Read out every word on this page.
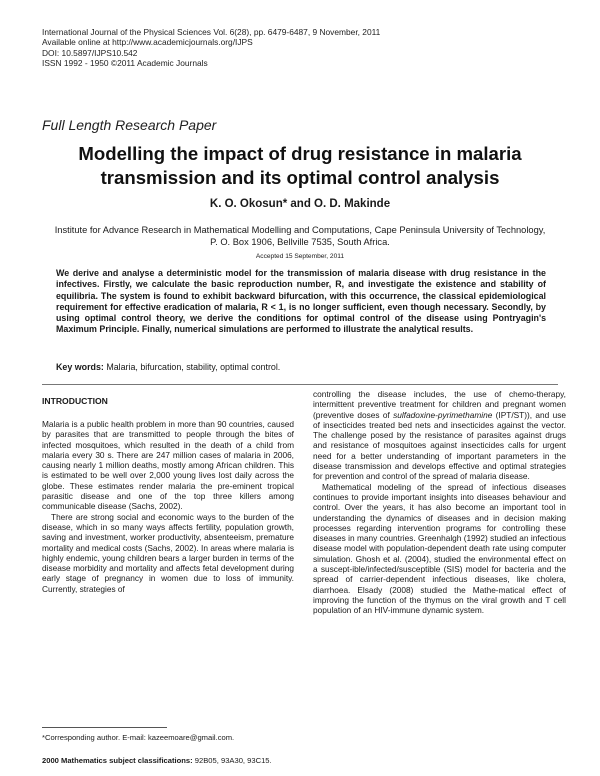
International Journal of the Physical Sciences Vol. 6(28), pp. 6479-6487, 9 November, 2011
Available online at http://www.academicjournals.org/IJPS
DOI: 10.5897/IJPS10.542
ISSN 1992 - 1950 ©2011 Academic Journals
Full Length Research Paper
Modelling the impact of drug resistance in malaria
transmission and its optimal control analysis
K. O. Okosun* and O. D. Makinde
Institute for Advance Research in Mathematical Modelling and Computations, Cape Peninsula University of Technology,
P. O. Box 1906, Bellville 7535, South Africa.
Accepted 15 September, 2011
We derive and analyse a deterministic model for the transmission of malaria disease with drug resistance in the infectives. Firstly, we calculate the basic reproduction number, R, and investigate the existence and stability of equilibria. The system is found to exhibit backward bifurcation, with this occurrence, the classical epidemiological requirement for effective eradication of malaria, R < 1, is no longer sufficient, even though necessary. Secondly, by using optimal control theory, we derive the conditions for optimal control of the disease using Pontryagin's Maximum Principle. Finally, numerical simulations are performed to illustrate the analytical results.
Key words: Malaria, bifurcation, stability, optimal control.
INTRODUCTION

Malaria is a public health problem in more than 90 countries, caused by parasites that are transmitted to people through the bites of infected mosquitoes, which resulted in the death of a child from malaria every 30 s. There are 247 million cases of malaria in 2006, causing nearly 1 million deaths, mostly among African children. This is estimated to be well over 2,000 young lives lost daily across the globe. These estimates render malaria the pre-eminent tropical parasitic disease and one of the top three killers among communicable disease (Sachs, 2002).

There are strong social and economic ways to the burden of the disease, which in so many ways affects fertility, population growth, saving and investment, worker productivity, absenteeism, premature mortality and medical costs (Sachs, 2002). In areas where malaria is highly endemic, young children bears a larger burden in terms of the disease morbidity and mortality and affects fetal development during early stage of pregnancy in women due to loss of immunity. Currently, strategies of

controlling the disease includes, the use of chemo-therapy, intermittent preventive treatment for children and pregnant women (preventive doses of sulfadoxine-pyrimethamine (IPT/ST)), and use of insecticides treated bed nets and insecticides against the vector. The challenge posed by the resistance of parasites against drugs and resistance of mosquitoes against insecticides calls for urgent need for a better understanding of important parameters in the disease transmission and develops effective and optimal strategies for prevention and control of the spread of malaria disease.

Mathematical modeling of the spread of infectious diseases continues to provide important insights into diseases behaviour and control. Over the years, it has also become an important tool in understanding the dynamics of diseases and in decision making processes regarding intervention programs for controlling these diseases in many countries. Greenhalgh (1992) studied an infectious disease model with population-dependent death rate using computer simulation. Ghosh et al. (2004), studied the environmental effect on a suscept-ible/infected/susceptible (SIS) model for bacteria and the spread of carrier-dependent infectious diseases, like cholera, diarrhoea. Elsady (2008) studied the Mathe-matical effect of improving the function of the thymus on the viral growth and T cell population of an HIV-immune dynamic system.

*Corresponding author. E-mail: kazeemoare@gmail.com.
2000 Mathematics subject classifications: 92B05, 93A30, 93C15.
